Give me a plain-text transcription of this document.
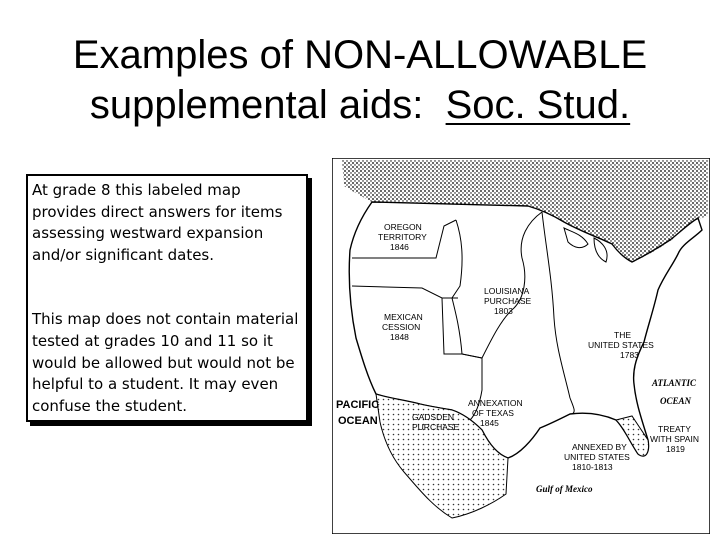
Examples of NON-ALLOWABLE
supplemental aids:  Soc. Stud.

At grade 8 this labeled map provides direct answers for items assessing westward expansion and/or significant dates.

This map does not contain material tested at grades 10 and 11 so it would be allowed but would not be helpful to a student. It may even confuse the student.

OREGON
TERRITORY
1846
LOUISIANA
PURCHASE
1803
MEXICAN
CESSION
1848	THE
UNITED STATES
1783
ATLANTIC
OCEAN
PACIFIC
OCEAN
ANNEXATION
OF TEXAS
1845
GADSDEN
PURCHASE	TREATY
WITH SPAIN
1819
ANNEXED BY
UNITED STATES
1810-1813
Gulf of Mexico
